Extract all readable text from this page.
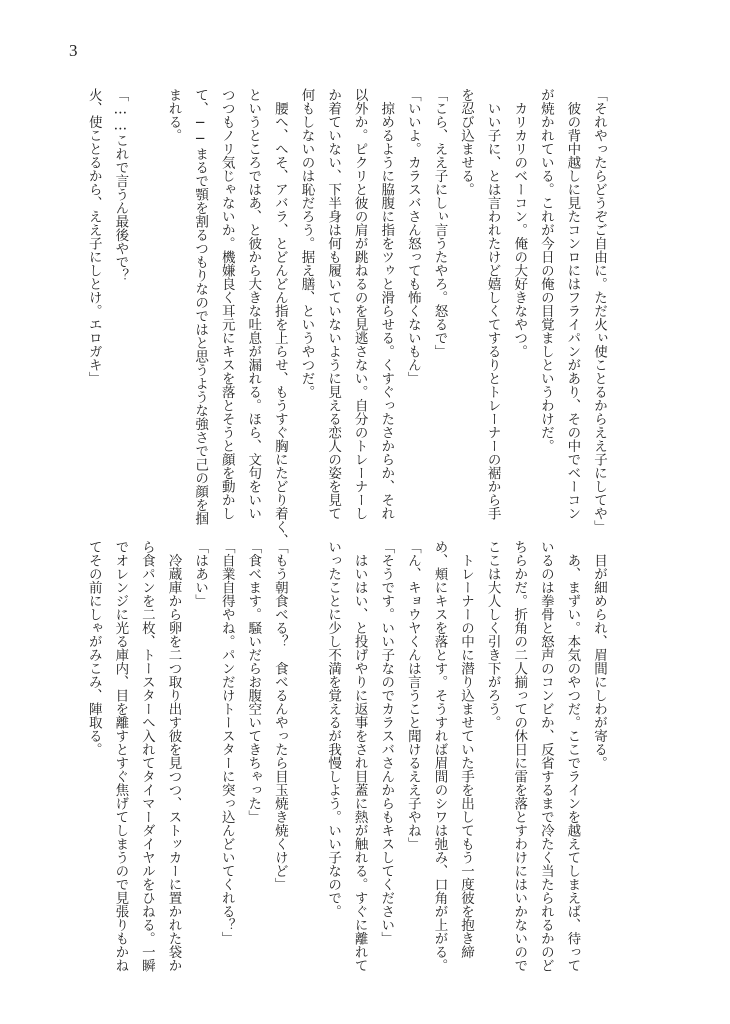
3
「それやったらどうぞご自由に。ただ火ぃ使ことるからええ子にしてや」
　彼の背中越しに見たコンロにはフライパンがあり、その中でベーコン
が焼かれている。これが今日の俺の目覚ましというわけだ。
　カリカリのベーコン。俺の大好きなやつ。
　いい子に、とは言われたけど嬉しくてするりとトレーナーの裾から手
を忍び込ませる。
「こら、ええ子にしぃ言うたやろ。怒るで」
「いいよ。カラスバさん怒っても怖くないもん」
　掠めるように脇腹に指をツゥと滑らせる。くすぐったさからか、それ
以外か。ピクリと彼の肩が跳ねるのを見逃さない。自分のトレーナーし
か着ていない、下半身は何も履いていないように見える恋人の姿を見て
何もしないのは恥だろう。据え膳、というやつだ。
　腰へ、へそ、アバラ、とどんどん指を上らせ、もうすぐ胸にたどり着く、
というところではあ、と彼から大きな吐息が漏れる。ほら、文句をいい
つつもノリ気じゃないか。機嫌良く耳元にキスを落とそうと顔を動かし
て、──まるで顎を割るつもりなのではと思うような強さで己の顔を掴
まれる。

「……これで言うん最後やで？
火、使ことるから、ええ子にしとけ。エロガキ」
　目が細められ、眉間にしわが寄る。
　あ、まずい。本気のやつだ。ここでラインを越えてしまえば、待って
いるのは拳骨と怒声のコンビか、反省するまで冷たく当たられるかのど
ちらかだ。折角の二人揃っての休日に雷を落とすわけにはいかないので
ここは大人しく引き下がろう。
　トレーナーの中に潜り込ませていた手を出してもう一度彼を抱き締
め、頬にキスを落とす。そうすれば眉間のシワは弛み、口角が上がる。
「ん、キョウヤくんは言うこと聞けるええ子やね」
「そうです。いい子なのでカラスバさんからもキスしてください」
　はいはい、と投げやりに返事をされ目蓋に熱が触れる。すぐに離れて
いったことに少し不満を覚えるが我慢しよう。いい子なので。

「もう朝食べる？　食べるんやったら目玉焼き焼くけど」
「食べます。騒いだらお腹空いてきちゃった」
「自業自得やね。パンだけトースターに突っ込んどいてくれる？」
「はあい」
　冷蔵庫から卵を二つ取り出す彼を見つつ、ストッカーに置かれた袋か
ら食パンを二枚、トースターへ入れてタイマーダイヤルをひねる。一瞬
でオレンジに光る庫内、目を離すとすぐ焦げてしまうので見張りもかね
てその前にしゃがみこみ、陣取る。
